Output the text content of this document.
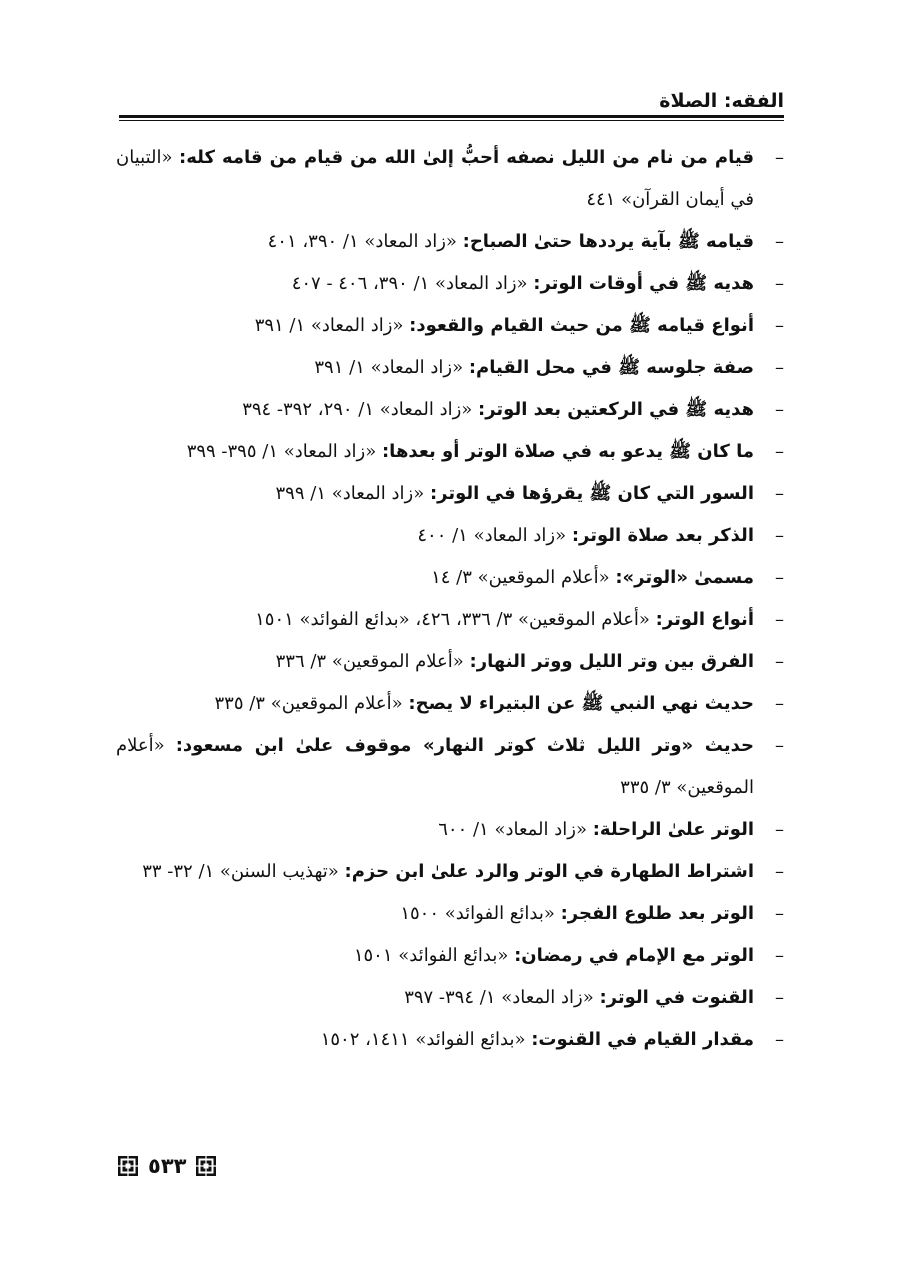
الفقه: الصلاة
–
قيام من نام من الليل نصفه أحبُّ إلىٰ الله من قيام من قامه كله: «التبيان في أيمان القرآن» ٤٤١
–
قيامه ﷺ بآية يرددها حتىٰ الصباح: «زاد المعاد» ١/ ٣٩٠، ٤٠١
–
هديه ﷺ في أوقات الوتر: «زاد المعاد» ١/ ٣٩٠، ٤٠٦ - ٤٠٧
–
أنواع قيامه ﷺ من حيث القيام والقعود: «زاد المعاد» ١/ ٣٩١
–
صفة جلوسه ﷺ في محل القيام: «زاد المعاد» ١/ ٣٩١
–
هديه ﷺ في الركعتين بعد الوتر: «زاد المعاد» ١/ ٢٩٠، ٣٩٢- ٣٩٤
–
ما كان ﷺ يدعو به في صلاة الوتر أو بعدها: «زاد المعاد» ١/ ٣٩٥- ٣٩٩
–
السور التي كان ﷺ يقرؤها في الوتر: «زاد المعاد» ١/ ٣٩٩
–
الذكر بعد صلاة الوتر: «زاد المعاد» ١/ ٤٠٠
–
مسمىٰ «الوتر»: «أعلام الموقعين» ٣/ ١٤
–
أنواع الوتر: «أعلام الموقعين» ٣/ ٣٣٦، ٤٢٦، «بدائع الفوائد» ١٥٠١
–
الفرق بين وتر الليل ووتر النهار: «أعلام الموقعين» ٣/ ٣٣٦
–
حديث نهي النبي ﷺ عن البتيراء لا يصح: «أعلام الموقعين» ٣/ ٣٣٥
–
حديث «وتر الليل ثلاث كوتر النهار» موقوف علىٰ ابن مسعود: «أعلام الموقعين» ٣/ ٣٣٥
–
الوتر علىٰ الراحلة: «زاد المعاد» ١/ ٦٠٠
–
اشتراط الطهارة في الوتر والرد علىٰ ابن حزم: «تهذيب السنن» ١/ ٣٢- ٣٣
–
الوتر بعد طلوع الفجر: «بدائع الفوائد» ١٥٠٠
–
الوتر مع الإمام في رمضان: «بدائع الفوائد» ١٥٠١
–
القنوت في الوتر: «زاد المعاد» ١/ ٣٩٤- ٣٩٧
–
مقدار القيام في القنوت: «بدائع الفوائد» ١٤١١، ١٥٠٢
٥٣٣
